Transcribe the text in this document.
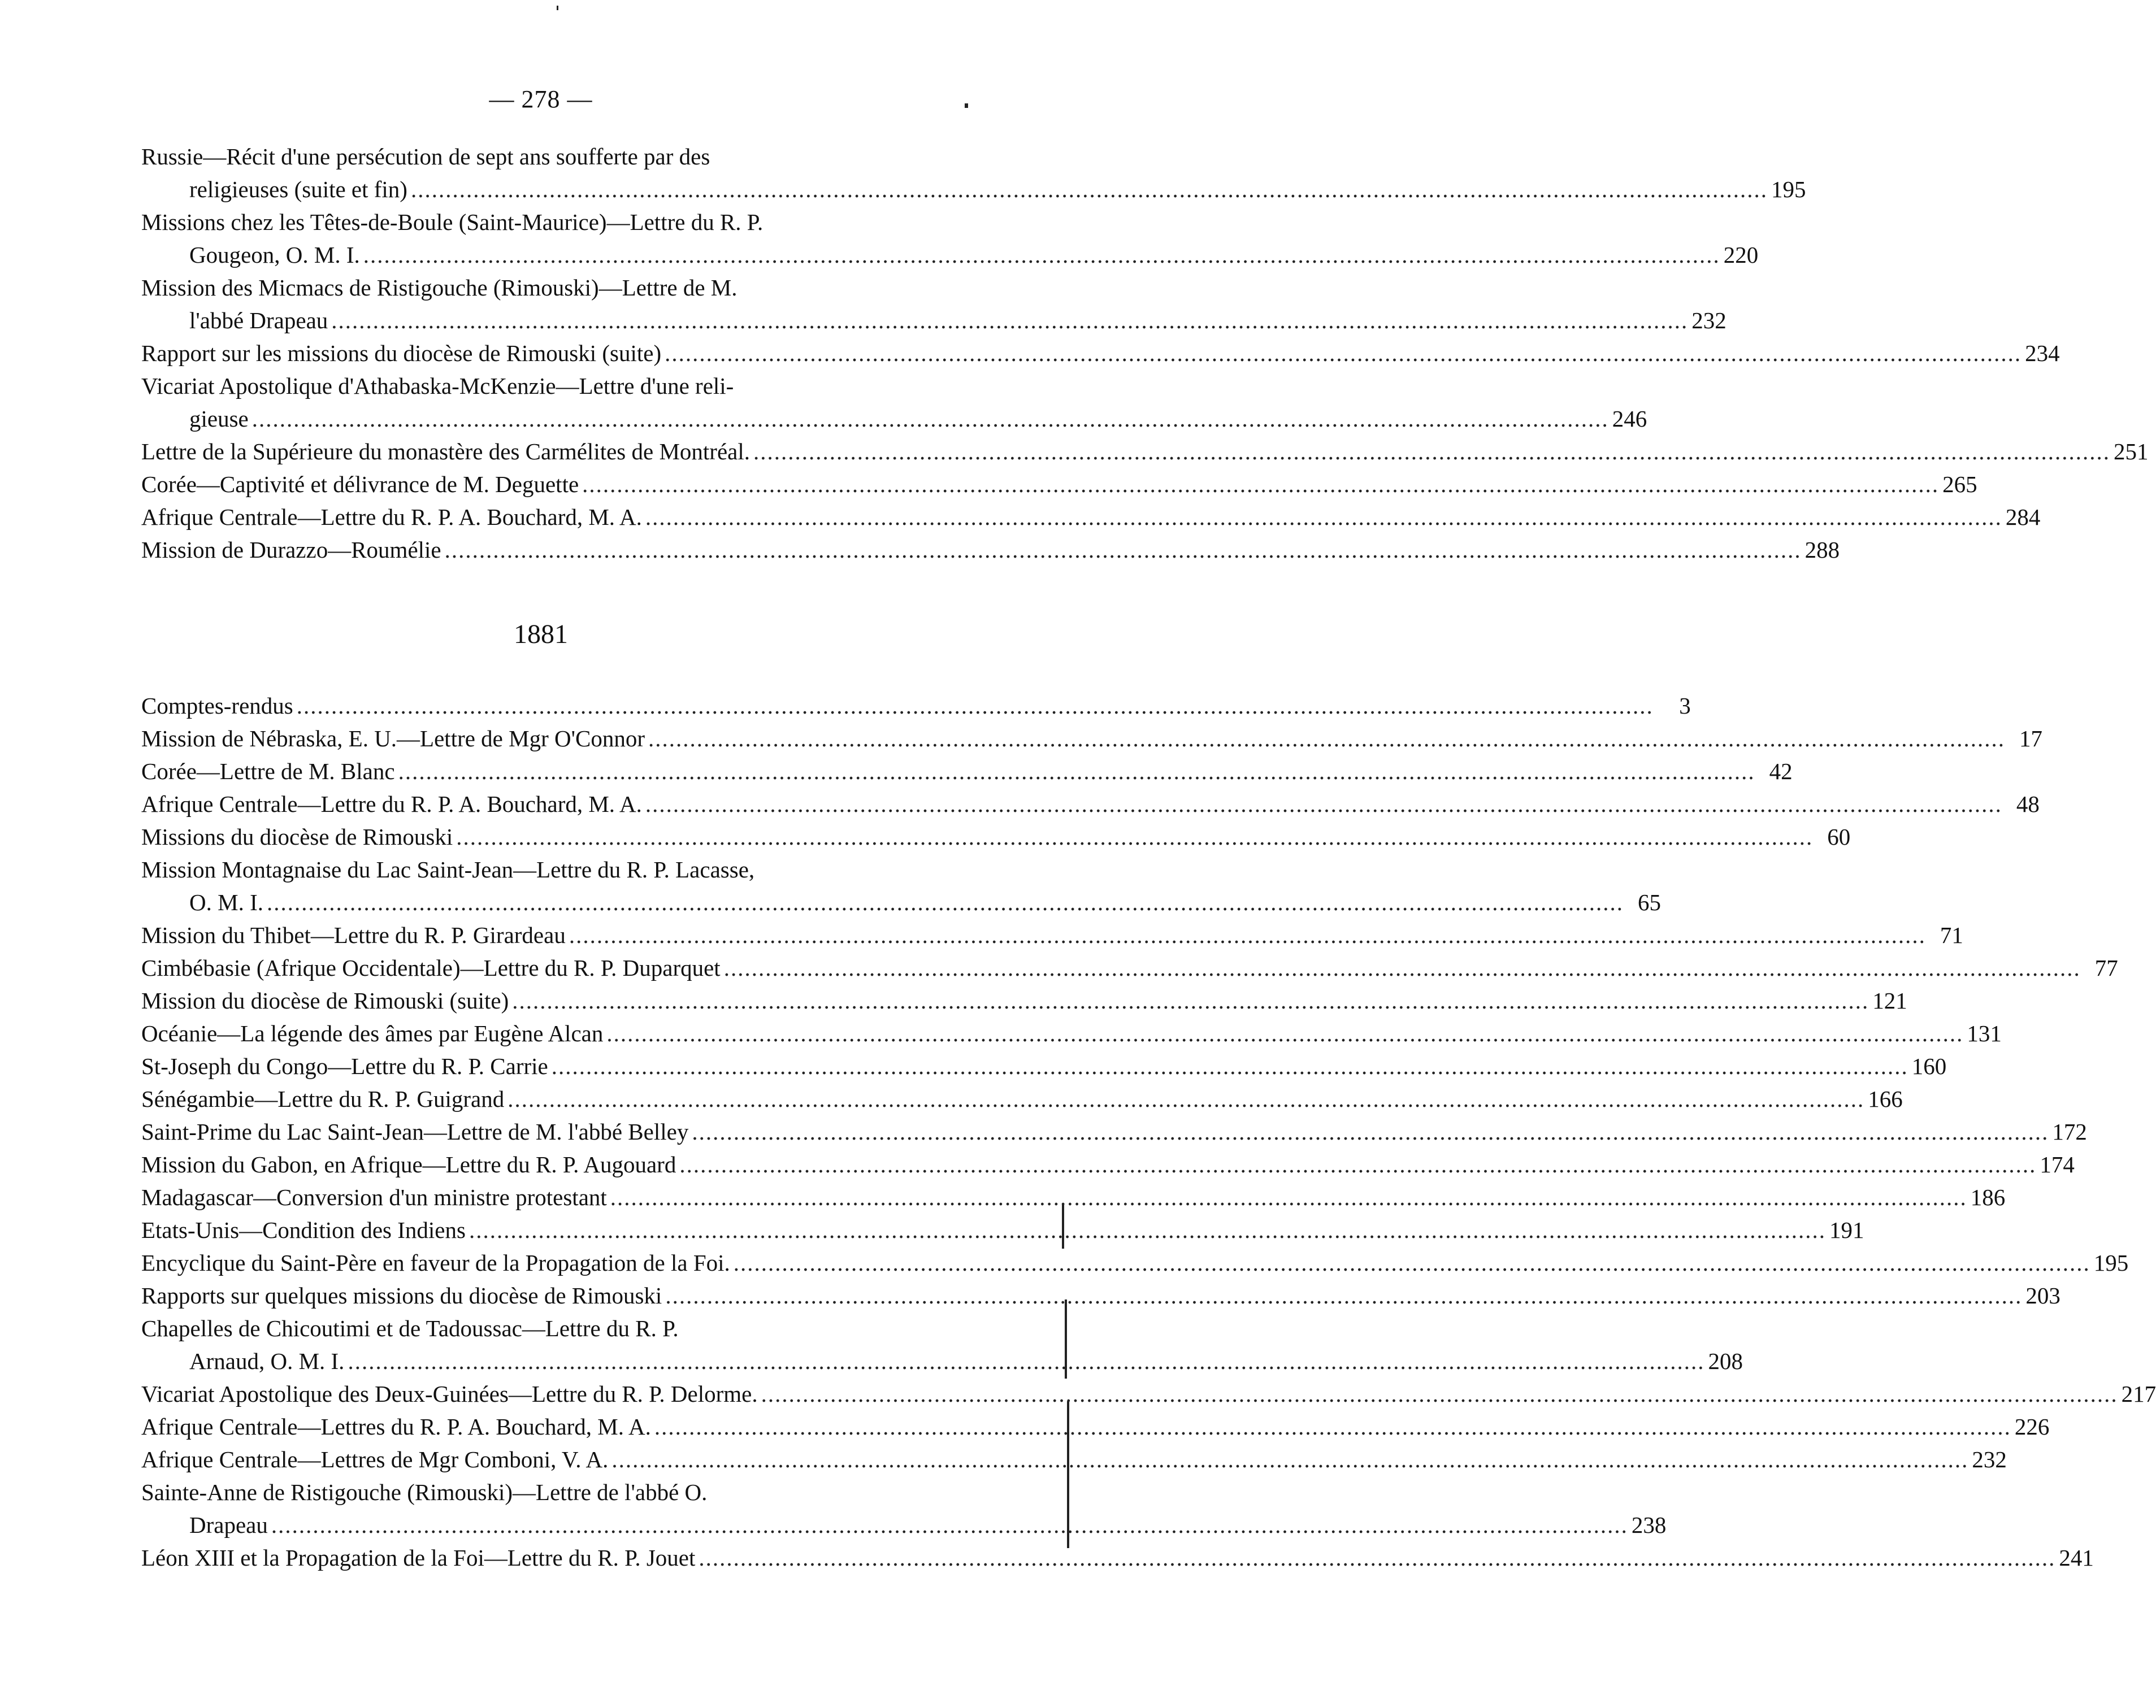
— 278 —
Russie—Récit d'une persécution de sept ans soufferte par des
religieuses (suite et fin) .....	195
Missions chez les Têtes-de-Boule (Saint-Maurice)—Lettre du R. P.
Gougeon, O. M. I. .....	220
Mission des Micmacs de Ristigouche (Rimouski)—Lettre de M.
l'abbé Drapeau .....	232
Rapport sur les missions du diocèse de Rimouski (suite) .....	234
Vicariat Apostolique d'Athabaska-McKenzie—Lettre d'une reli-
gieuse .....	246
Lettre de la Supérieure du monastère des Carmélites de Montréal. .....	251
Corée—Captivité et délivrance de M. Deguette .....	265
Afrique Centrale—Lettre du R. P. A. Bouchard, M. A. .....	284
Mission de Durazzo—Roumélie .....	288
1881
Comptes-rendus .....	3
Mission de Nébraska, E. U.—Lettre de Mgr O'Connor .....	17
Corée—Lettre de M. Blanc .....	42
Afrique Centrale—Lettre du R. P. A. Bouchard, M. A. .....	48
Missions du diocèse de Rimouski .....	60
Mission Montagnaise du Lac Saint-Jean—Lettre du R. P. Lacasse,
O. M. I. .....	65
Mission du Thibet—Lettre du R. P. Girardeau .....	71
Cimbébasie (Afrique Occidentale)—Lettre du R. P. Duparquet .....	77
Mission du diocèse de Rimouski (suite) .....	121
Océanie—La légende des âmes par Eugène Alcan .....	131
St-Joseph du Congo—Lettre du R. P. Carrie .....	160
Sénégambie—Lettre du R. P. Guigrand .....	166
Saint-Prime du Lac Saint-Jean—Lettre de M. l'abbé Belley .....	172
Mission du Gabon, en Afrique—Lettre du R. P. Augouard .....	174
Madagascar—Conversion d'un ministre protestant .....	186
Etats-Unis—Condition des Indiens .....	191
Encyclique du Saint-Père en faveur de la Propagation de la Foi. .....	195
Rapports sur quelques missions du diocèse de Rimouski .....	203
Chapelles de Chicoutimi et de Tadoussac—Lettre du R. P.
Arnaud, O. M. I. .....	208
Vicariat Apostolique des Deux-Guinées—Lettre du R. P. Delorme. .....	217
Afrique Centrale—Lettres du R. P. A. Bouchard, M. A. .....	226
Afrique Centrale—Lettres de Mgr Comboni, V. A. .....	232
Sainte-Anne de Ristigouche (Rimouski)—Lettre de l'abbé O.
Drapeau .....	238
Léon XIII et la Propagation de la Foi—Lettre du R. P. Jouet .....	241
